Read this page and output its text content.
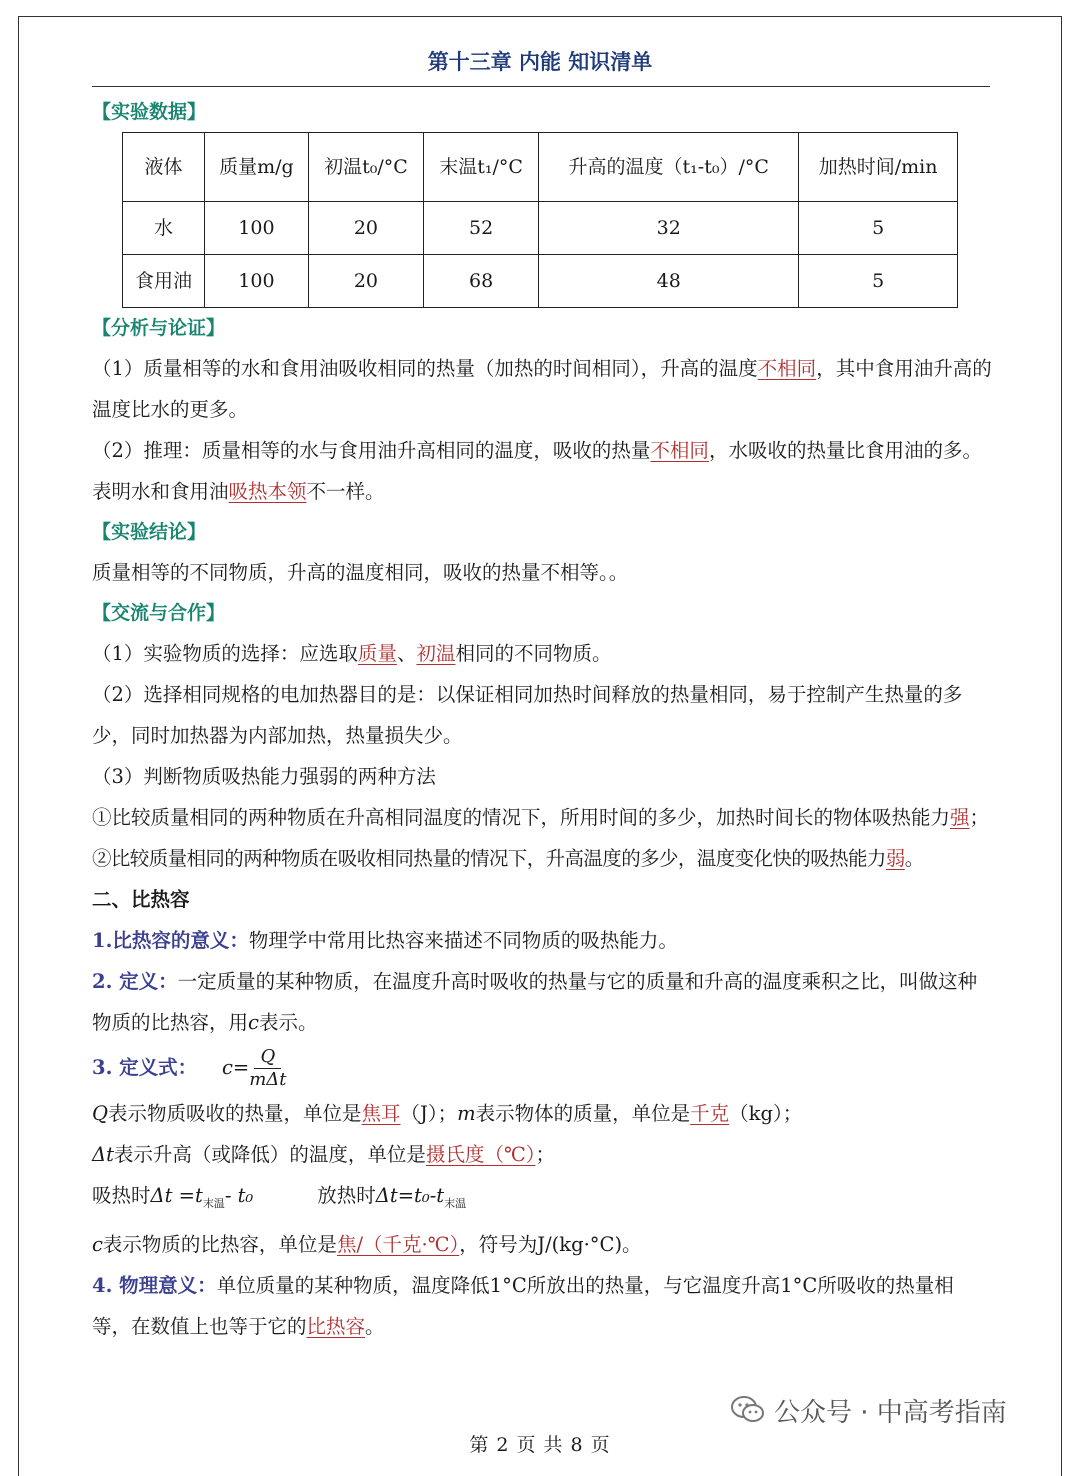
第十三章 内能 知识清单
【实验数据】
液体	质量m/g	初温t₀/°C	末温t₁/°C	升高的温度（t₁-t₀）/°C	加热时间/min
水	100	20	52	32	5
食用油	100	20	68	48	5
【分析与论证】

（1）质量相等的水和食用油吸收相同的热量（加热的时间相同），升高的温度不相同，其中食用油升高的温度比水的更多。

（2）推理：质量相等的水与食用油升高相同的温度，吸收的热量不相同，水吸收的热量比食用油的多。表明水和食用油吸热本领不一样。

【实验结论】

质量相等的不同物质，升高的温度相同，吸收的热量不相等。。

【交流与合作】

（1）实验物质的选择：应选取质量、初温相同的不同物质。

（2）选择相同规格的电加热器目的是：以保证相同加热时间释放的热量相同，易于控制产生热量的多少，同时加热器为内部加热，热量损失少。

（3）判断物质吸热能力强弱的两种方法

①比较质量相同的两种物质在升高相同温度的情况下，所用时间的多少，加热时间长的物体吸热能力强；

②比较质量相同的两种物质在吸收相同热量的情况下，升高温度的多少，温度变化快的吸热能力弱。

二、比热容

1.比热容的意义：物理学中常用比热容来描述不同物质的吸热能力。

2. 定义：一定质量的某种物质，在温度升高时吸收的热量与它的质量和升高的温度乘积之比，叫做这种物质的比热容，用c表示。

3. 定义式： c= Q
mΔt

Q表示物质吸收的热量，单位是焦耳（J）；m表示物体的质量，单位是千克（kg）；

Δt表示升高（或降低）的温度，单位是摄氏度（℃）；

吸热时$\Delta t =t_{末温}-$ t₀	放热时$\Delta t=t_0-t_{末温}$

c表示物质的比热容，单位是焦/（千克·℃），符号为J/(kg·°C)。

4. 物理意义：单位质量的某种物质，温度降低1°C所放出的热量，与它温度升高1°C所吸收的热量相等，在数值上也等于它的比热容。

公众号 · 中高考指南
第 2 页 共 8 页
